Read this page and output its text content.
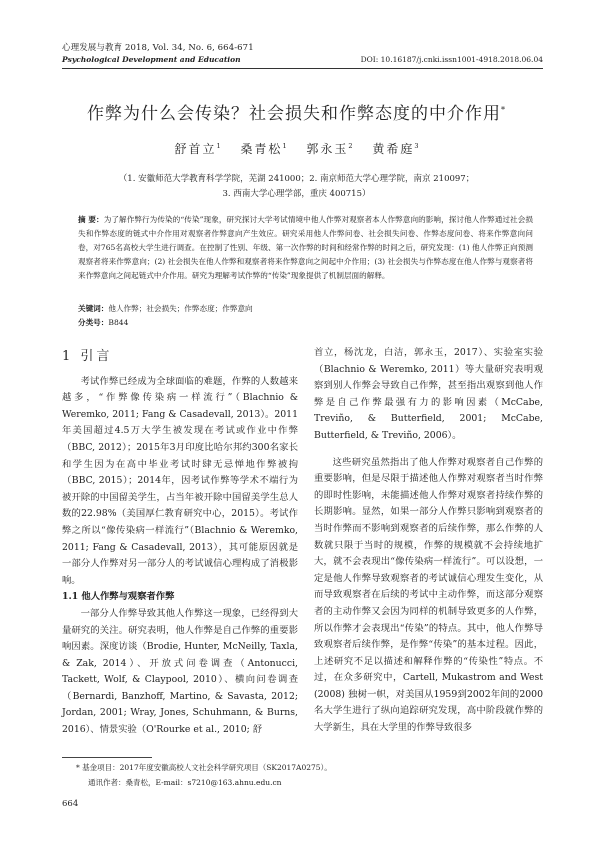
心理发展与教育 2018, Vol. 34, No. 6, 664-671
Psychological Development and Education	DOI: 10.16187/j.cnki.issn1001-4918.2018.06.04
作弊为什么会传染？社会损失和作弊态度的中介作用*
舒首立$^1$ 桑青松$^1$ 郭永玉$^2$ 黄希庭$^3$
（1. 安徽师范大学教育科学学院，芜湖 241000；2. 南京师范大学心理学院，南京 210097；
3. 西南大学心理学部，重庆 400715）
摘 要：为了解作弊行为传染的“传染”现象，研究探讨大学考试情境中他人作弊对观察者本人作弊意向的影响，探讨他人作弊通过社会损失和作弊态度的链式中介作用对观察者作弊意向产生效应。研究采用他人作弊问卷、社会损失问卷、作弊态度问卷、将来作弊意向问卷，对765名高校大学生进行调查。在控制了性别、年级、第一次作弊的时间和经常作弊的时间之后，研究发现：(1) 他人作弊正向预测观察者将来作弊意向；(2) 社会损失在他人作弊和观察者将来作弊意向之间起中介作用；(3) 社会损失与作弊态度在他人作弊与观察者将来作弊意向之间起链式中介作用。研究为理解考试作弊的“传染”现象提供了机制层面的解释。
关键词：他人作弊；社会损失；作弊态度；作弊意向
分类号：B844
1 引言

考试作弊已经成为全球面临的难题，作弊的人数越来越多，“作弊像传染病一样流行”（Blachnio & Weremko, 2011; Fang & Casadevall, 2013）。2011年美国超过4.5万大学生被发现在考试或作业中作弊（BBC, 2012）；2015年3月印度比哈尔邦约300名家长和学生因为在高中毕业考试时肆无忌惮地作弊被拘（BBC, 2015）；2014年，因考试作弊等学术不端行为被开除的中国留美学生，占当年被开除中国留美学生总人数的22.98%（美国厚仁教育研究中心，2015）。考试作弊之所以“像传染病一样流行”（Blachnio & Weremko, 2011; Fang & Casadevall, 2013），其可能原因就是一部分人作弊对另一部分人的考试诚信心理构成了消极影响。

1.1 他人作弊与观察者作弊

一部分人作弊导致其他人作弊这一现象，已经得到大量研究的关注。研究表明，他人作弊是自己作弊的重要影响因素。深度访谈（Brodie, Hunter, McNeilly, Taxla, & Zak, 2014）、开放式问卷调查（Antonucci, Tackett, Wolf, & Claypool, 2010）、横向问卷调查（Bernardi, Banzhoff, Martino, & Savasta, 2012; Jordan, 2001; Wray, Jones, Schuhmann, & Burns, 2016）、情景实验（O'Rourke et al., 2010; 舒

首立，杨沈龙，白洁，郭永玉，2017）、实验室实验（Blachnio & Weremko, 2011）等大量研究表明观察到别人作弊会导致自己作弊，甚至指出观察到他人作弊是自己作弊最强有力的影响因素（McCabe, Treviño, & Butterfield, 2001; McCabe, Butterfield, & Treviño, 2006）。

这些研究虽然指出了他人作弊对观察者自己作弊的重要影响，但是尽限于描述他人作弊对观察者当时作弊的即时性影响，未能描述他人作弊对观察者持续作弊的长期影响。显然，如果一部分人作弊只影响到观察者的当时作弊而不影响到观察者的后续作弊，那么作弊的人数就只限于当时的规模，作弊的规模就不会持续地扩大，就不会表现出“像传染病一样流行”。可以设想，一定是他人作弊导致观察者的考试诚信心理发生变化，从而导致观察者在后续的考试中主动作弊，而这部分观察者的主动作弊又会因为同样的机制导致更多的人作弊，所以作弊才会表现出“传染”的特点。其中，他人作弊导致观察者后续作弊，是作弊“传染”的基本过程。因此，上述研究不足以描述和解释作弊的“传染性”特点。不过，在众多研究中，Cartell, Mukastrom and West (2008) 独树一帜，对美国从1959到2002年间的2000名大学生进行了纵向追踪研究发现，高中阶段就作弊的大学新生，具在大学里的作弊导致很多

* 基金项目：2017年度安徽高校人文社会科学研究项目（SK2017A0275）。
通讯作者：桑青松，E-mail：s7210@163.ahnu.edu.cn
664
